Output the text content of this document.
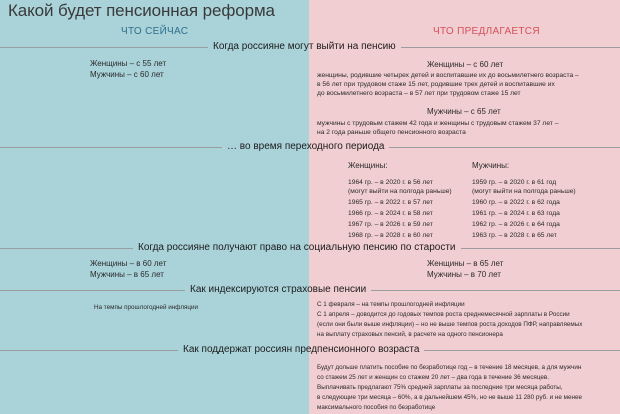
Какой будет пенсионная реформа
ЧТО СЕЙЧАС	ЧТО ПРЕДЛАГАЕТСЯ
Когда россияне могут выйти на пенсию
Женщины – с 55 лет
Мужчины – с 60 лет
Женщины – с 60 лет
женщины, родившие четырех детей и воспитавшие их до восьмилетнего возраста –
в 56 лет при трудовом стаже 15 лет, родившие трех детей и воспитавшие их
до восьмилетнего возраста – в 57 лет при трудовом стаже 15 лет
Мужчины – с 65 лет
мужчины с трудовым стажем 42 года и женщины с трудовым стажем 37 лет –
на 2 года раньше общего пенсионного возраста
… во время переходного периода
Женщины:
1964 гр. – в 2020 г. в 56 лет
(могут выйти на полгода раньше)
1965 гр. – в 2022 г. в 57 лет
1966 гр. – в 2024 г. в 58 лет
1967 гр. – в 2026 г. в 59 лет
1968 гр. – в 2028 г. в 60 лет
Мужчины:
1959 гр. – в 2020 г. в 61 год
(могут выйти на полгода раньше)
1960 гр. – в 2022 г. в 62 года
1961 гр. – в 2024 г. в 63 года
1962 гр. – в 2026 г. в 64 года
1963 гр. – в 2028 г. в 65 лет
Когда россияне получают право на социальную пенсию по старости
Женщины – в 60 лет
Мужчины – в 65 лет
Женщины – в 65 лет
Мужчины – в 70 лет
Как индексируются страховые пенсии
На темпы прошлогодней инфляции	С 1 февраля – на темпы прошлогодней инфляции
С 1 апреля – доводится до годовых темпов роста среднемесячной зарплаты в России
(если они были выше инфляции) – но не выше темпов роста доходов ПФР, направляемых
на выплату страховых пенсий, в расчете на одного пенсионера
Как поддержат россиян предпенсионного возраста
Будут дольше платить пособие по безработице год – в течение 18 месяцев, а для мужчин
со стажем 25 лет и женщин со стажем 20 лет – два года в течение 36 месяцев.
Выплачивать предлагают 75% средней зарплаты за последние три месяца работы,
в следующие три месяца – 60%, а в дальнейшем 45%, но не выше 11 280 руб. и не менее
максимального пособия по безработице
